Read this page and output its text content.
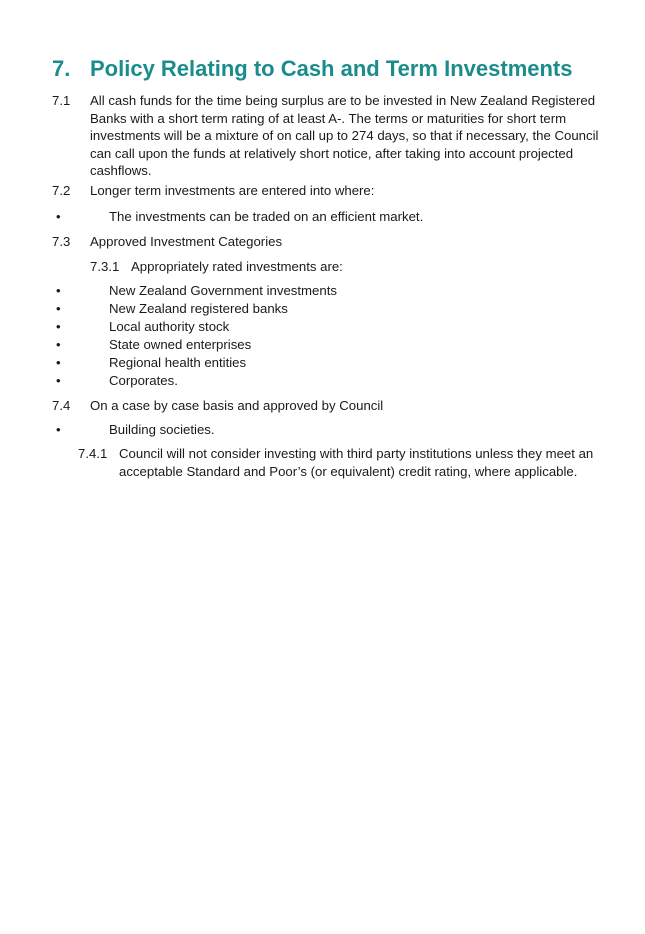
7. Policy Relating to Cash and Term Investments
7.1 All cash funds for the time being surplus are to be invested in New Zealand Registered Banks with a short term rating of at least A-. The terms or maturities for short term investments will be a mixture of on call up to 274 days, so that if necessary, the Council can call upon the funds at relatively short notice, after taking into account projected cashflows.
7.2 Longer term investments are entered into where:
•	The investments can be traded on an efficient market.
7.3 Approved Investment Categories
7.3.1 Appropriately rated investments are:
•	New Zealand Government investments
•	New Zealand registered banks
•	Local authority stock
•	State owned enterprises
•	Regional health entities
•	Corporates.
7.4 On a case by case basis and approved by Council
•	Building societies.
7.4.1 Council will not consider investing with third party institutions unless they meet an
acceptable Standard and Poor’s (or equivalent) credit rating, where applicable.
